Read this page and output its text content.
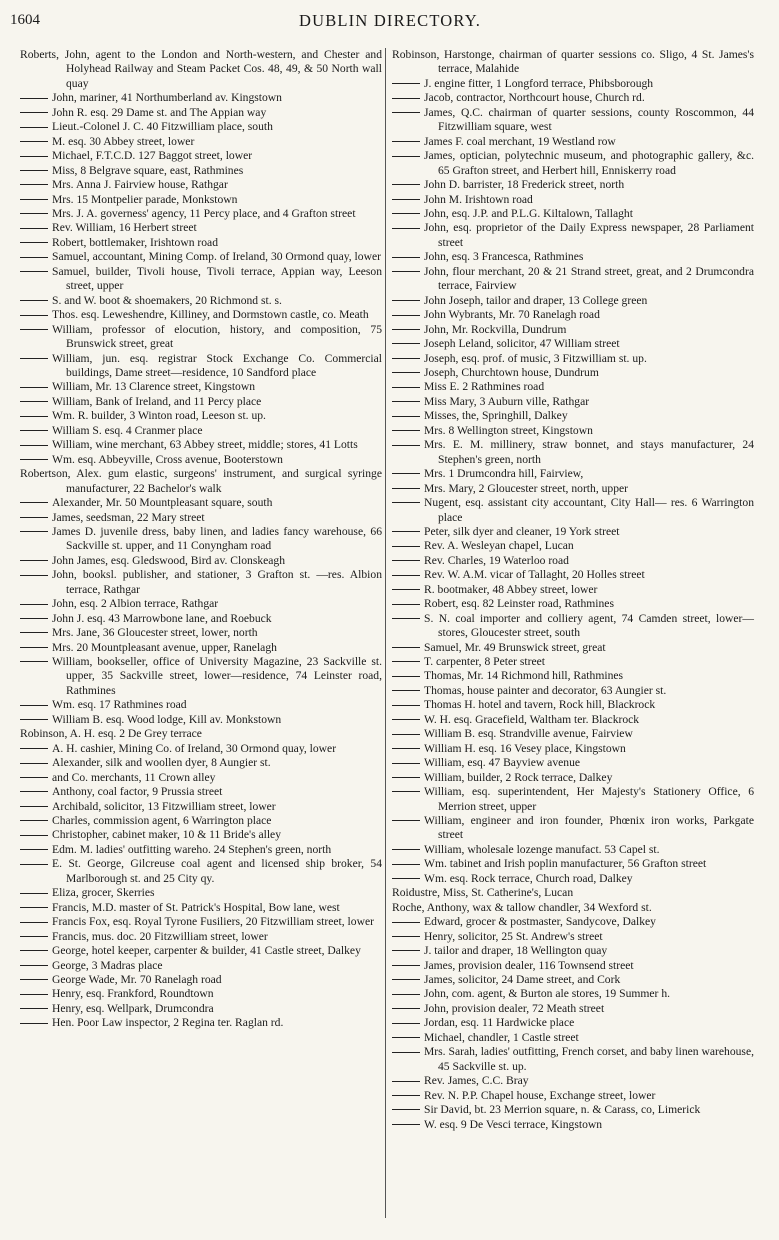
1604	DUBLIN DIRECTORY.

Roberts, John, agent to the London and North-western, and Chester and Holyhead Railway and Steam Packet Cos. 48, 49, & 50 North wall quay

John, mariner, 41 Northumberland av. Kingstown

John R. esq. 29 Dame st. and The Appian way

Lieut.-Colonel J. C. 40 Fitzwilliam place, south

M. esq. 30 Abbey street, lower

Michael, F.T.C.D. 127 Baggot street, lower

Miss, 8 Belgrave square, east, Rathmines

Mrs. Anna J. Fairview house, Rathgar

Mrs. 15 Montpelier parade, Monkstown

Mrs. J. A. governess' agency, 11 Percy place, and 4 Grafton street

Rev. William, 16 Herbert street

Robert, bottlemaker, Irishtown road

Samuel, accountant, Mining Comp. of Ireland, 30 Ormond quay, lower

Samuel, builder, Tivoli house, Tivoli terrace, Appian way, Leeson street, upper

S. and W. boot & shoemakers, 20 Richmond st. s.

Thos. esq. Leweshendre, Killiney, and Dormstown castle, co. Meath

William, professor of elocution, history, and composition, 75 Brunswick street, great

William, jun. esq. registrar Stock Exchange Co. Commercial buildings, Dame street—residence, 10 Sandford place

William, Mr. 13 Clarence street, Kingstown

William, Bank of Ireland, and 11 Percy place

Wm. R. builder, 3 Winton road, Leeson st. up.

William S. esq. 4 Cranmer place

William, wine merchant, 63 Abbey street, middle; stores, 41 Lotts

Wm. esq. Abbeyville, Cross avenue, Booterstown

Robertson, Alex. gum elastic, surgeons' instrument, and surgical syringe manufacturer, 22 Bachelor's walk

Alexander, Mr. 50 Mountpleasant square, south

James, seedsman, 22 Mary street

James D. juvenile dress, baby linen, and ladies fancy warehouse, 66 Sackville st. upper, and 11 Conyngham road

John James, esq. Gledswood, Bird av. Clonskeagh

John, booksl. publisher, and stationer, 3 Grafton st. —res. Albion terrace, Rathgar

John, esq. 2 Albion terrace, Rathgar

John J. esq. 43 Marrowbone lane, and Roebuck

Mrs. Jane, 36 Gloucester street, lower, north

Mrs. 20 Mountpleasant avenue, upper, Ranelagh

William, bookseller, office of University Magazine, 23 Sackville st. upper, 35 Sackville street, lower—residence, 74 Leinster road, Rathmines

Wm. esq. 17 Rathmines road

William B. esq. Wood lodge, Kill av. Monkstown

Robinson, A. H. esq. 2 De Grey terrace

A. H. cashier, Mining Co. of Ireland, 30 Ormond quay, lower

Alexander, silk and woollen dyer, 8 Aungier st.

and Co. merchants, 11 Crown alley

Anthony, coal factor, 9 Prussia street

Archibald, solicitor, 13 Fitzwilliam street, lower

Charles, commission agent, 6 Warrington place

Christopher, cabinet maker, 10 & 11 Bride's alley

Edm. M. ladies' outfitting wareho. 24 Stephen's green, north

E. St. George, Gilcreuse coal agent and licensed ship broker, 54 Marlborough st. and 25 City qy.

Eliza, grocer, Skerries

Francis, M.D. master of St. Patrick's Hospital, Bow lane, west

Francis Fox, esq. Royal Tyrone Fusiliers, 20 Fitzwilliam street, lower

Francis, mus. doc. 20 Fitzwilliam street, lower

George, hotel keeper, carpenter & builder, 41 Castle street, Dalkey

George, 3 Madras place

George Wade, Mr. 70 Ranelagh road

Henry, esq. Frankford, Roundtown

Henry, esq. Wellpark, Drumcondra

Hen. Poor Law inspector, 2 Regina ter. Raglan rd.

Robinson, Harstonge, chairman of quarter sessions co. Sligo, 4 St. James's terrace, Malahide

J. engine fitter, 1 Longford terrace, Phibsborough

Jacob, contractor, Northcourt house, Church rd.

James, Q.C. chairman of quarter sessions, county Roscommon, 44 Fitzwilliam square, west

James F. coal merchant, 19 Westland row

James, optician, polytechnic museum, and photographic gallery, &c. 65 Grafton street, and Herbert hill, Enniskerry road

John D. barrister, 18 Frederick street, north

John M. Irishtown road

John, esq. J.P. and P.L.G. Kiltalown, Tallaght

John, esq. proprietor of the Daily Express newspaper, 28 Parliament street

John, esq. 3 Francesca, Rathmines

John, flour merchant, 20 & 21 Strand street, great, and 2 Drumcondra terrace, Fairview

John Joseph, tailor and draper, 13 College green

John Wybrants, Mr. 70 Ranelagh road

John, Mr. Rockvilla, Dundrum

Joseph Leland, solicitor, 47 William street

Joseph, esq. prof. of music, 3 Fitzwilliam st. up.

Joseph, Churchtown house, Dundrum

Miss E. 2 Rathmines road

Miss Mary, 3 Auburn ville, Rathgar

Misses, the, Springhill, Dalkey

Mrs. 8 Wellington street, Kingstown

Mrs. E. M. millinery, straw bonnet, and stays manufacturer, 24 Stephen's green, north

Mrs. 1 Drumcondra hill, Fairview,

Mrs. Mary, 2 Gloucester street, north, upper

Nugent, esq. assistant city accountant, City Hall— res. 6 Warrington place

Peter, silk dyer and cleaner, 19 York street

Rev. A. Wesleyan chapel, Lucan

Rev. Charles, 19 Waterloo road

Rev. W. A.M. vicar of Tallaght, 20 Holles street

R. bootmaker, 48 Abbey street, lower

Robert, esq. 82 Leinster road, Rathmines

S. N. coal importer and colliery agent, 74 Camden street, lower—stores, Gloucester street, south

Samuel, Mr. 49 Brunswick street, great

T. carpenter, 8 Peter street

Thomas, Mr. 14 Richmond hill, Rathmines

Thomas, house painter and decorator, 63 Aungier st.

Thomas H. hotel and tavern, Rock hill, Blackrock

W. H. esq. Gracefield, Waltham ter. Blackrock

William B. esq. Strandville avenue, Fairview

William H. esq. 16 Vesey place, Kingstown

William, esq. 47 Bayview avenue

William, builder, 2 Rock terrace, Dalkey

William, esq. superintendent, Her Majesty's Stationery Office, 6 Merrion street, upper

William, engineer and iron founder, Phœnix iron works, Parkgate street

William, wholesale lozenge manufact. 53 Capel st.

Wm. tabinet and Irish poplin manufacturer, 56 Grafton street

Wm. esq. Rock terrace, Church road, Dalkey

Roidustre, Miss, St. Catherine's, Lucan

Roche, Anthony, wax & tallow chandler, 34 Wexford st.

Edward, grocer & postmaster, Sandycove, Dalkey

Henry, solicitor, 25 St. Andrew's street

J. tailor and draper, 18 Wellington quay

James, provision dealer, 116 Townsend street

James, solicitor, 24 Dame street, and Cork

John, com. agent, & Burton ale stores, 19 Summer h.

John, provision dealer, 72 Meath street

Jordan, esq. 11 Hardwicke place

Michael, chandler, 1 Castle street

Mrs. Sarah, ladies' outfitting, French corset, and baby linen warehouse, 45 Sackville st. up.

Rev. James, C.C. Bray

Rev. N. P.P. Chapel house, Exchange street, lower

Sir David, bt. 23 Merrion square, n. & Carass, co, Limerick

W. esq. 9 De Vesci terrace, Kingstown
